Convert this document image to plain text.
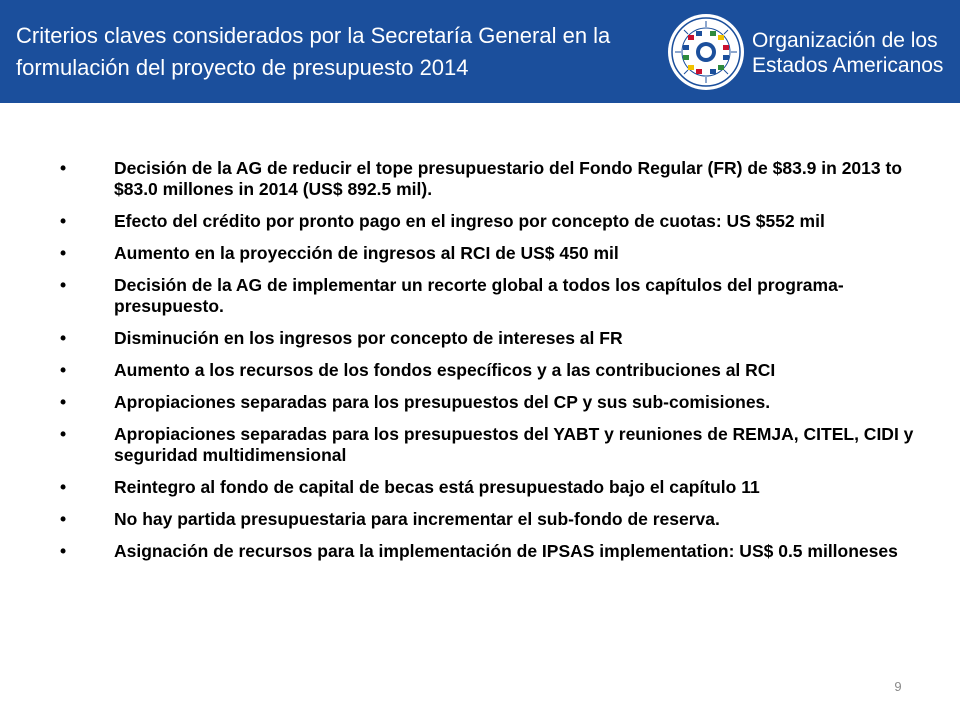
Criterios claves considerados por la Secretaría General en la formulación del proyecto de presupuesto 2014
Organización de los Estados Americanos
•	Decisión de la AG de reducir el tope presupuestario del Fondo Regular (FR) de $83.9 in 2013 to $83.0 millones in 2014 (US$ 892.5 mil).
•	Efecto del crédito por pronto pago en el ingreso por concepto de cuotas: US $552 mil
•	Aumento en la proyección de ingresos al RCI de US$ 450 mil
•	Decisión de la AG de implementar un recorte global a todos los capítulos del programa-presupuesto.
•	Disminución en los ingresos por concepto de intereses al FR
•	Aumento a los recursos de los fondos específicos y a las contribuciones al RCI
•	Apropiaciones separadas para los presupuestos del CP y sus sub-comisiones.
•	Apropiaciones separadas para los presupuestos del YABT y reuniones de REMJA, CITEL, CIDI y seguridad multidimensional
•	Reintegro al fondo de capital de becas está presupuestado bajo el capítulo 11
•	No hay partida presupuestaria para incrementar el sub-fondo de reserva.
•	Asignación de recursos para la implementación de IPSAS implementation: US$ 0.5 milloneses
9
